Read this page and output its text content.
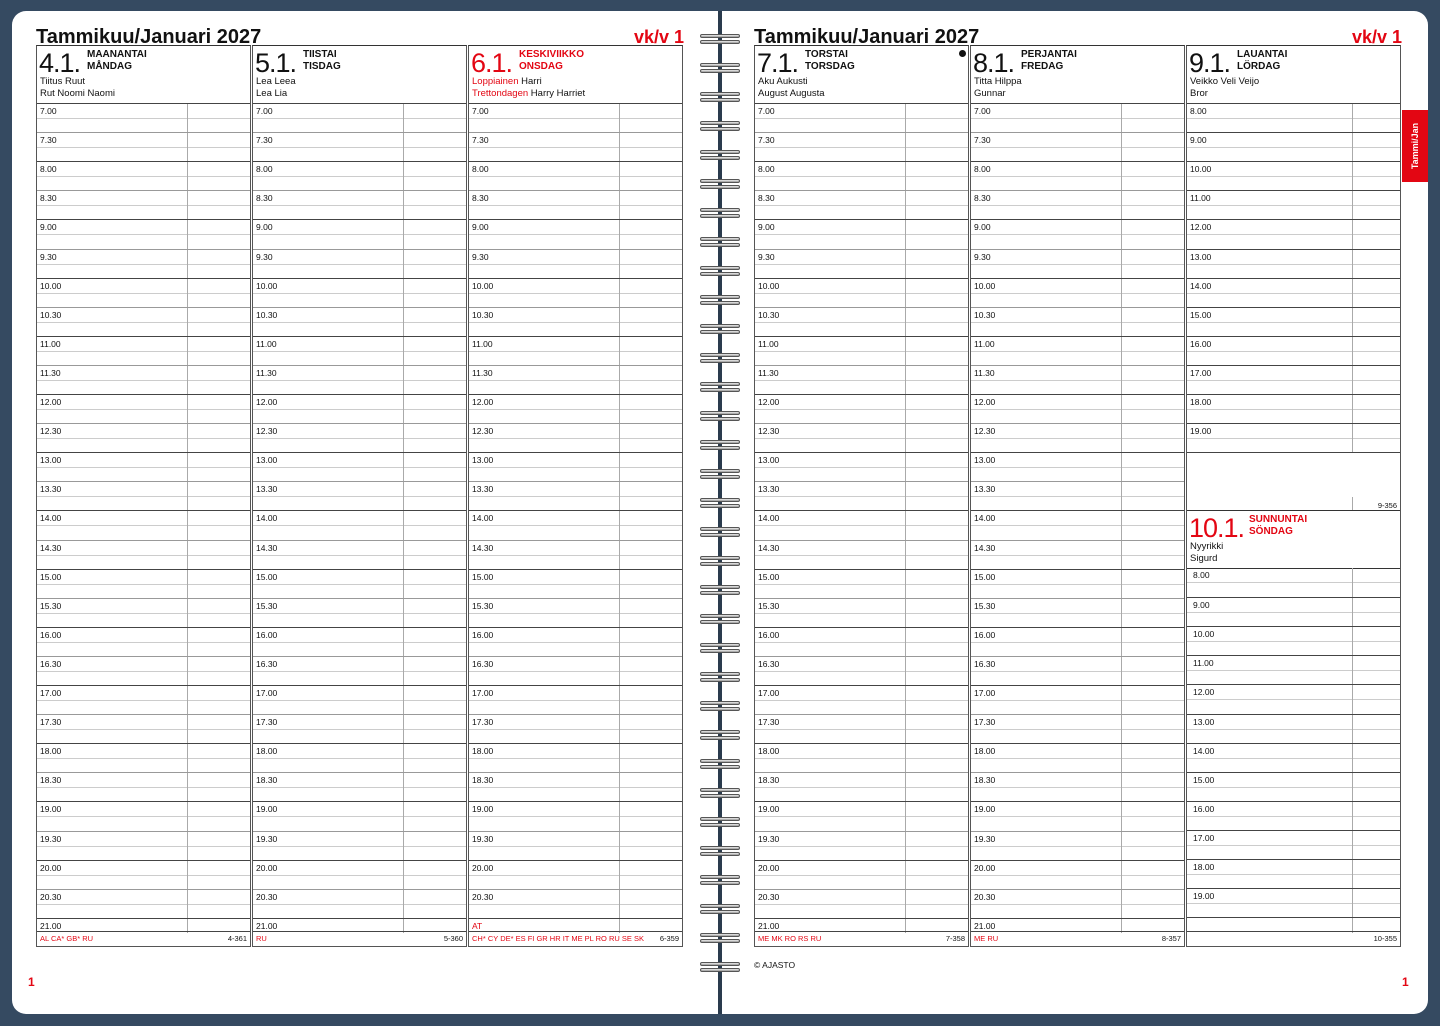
Tammikuu/Januari 2027	vk/v 1
1
Tammikuu/Januari 2027	vk/v 1
1
Tammi/Jan
4.1. MAANANTAI
MÅNDAG
Tiitus Ruut
Rut Noomi Naomi
7.00
7.30
8.00
8.30
9.00
9.30
10.00
10.30
11.00
11.30
12.00
12.30
13.00
13.30
14.00
14.30
15.00
15.30
16.00
16.30
17.00
17.30
18.00
18.30
19.00
19.30
20.00
20.30
21.00
AL CA* GB* RU	4-361
5.1. TIISTAI
TISDAG
Lea Leea
Lea Lia
7.00
7.30
8.00
8.30
9.00
9.30
10.00
10.30
11.00
11.30
12.00
12.30
13.00
13.30
14.00
14.30
15.00
15.30
16.00
16.30
17.00
17.30
18.00
18.30
19.00
19.30
20.00
20.30
21.00
RU	5-360
6.1. KESKIVIIKKO
ONSDAG
Loppiainen Harri
Trettondagen Harry Harriet
7.00
7.30
8.00
8.30
9.00
9.30
10.00
10.30
11.00
11.30
12.00
12.30
13.00
13.30
14.00
14.30
15.00
15.30
16.00
16.30
17.00
17.30
18.00
18.30
19.00
19.30
20.00
20.30
AT
CH* CY DE* ES FI GR HR IT ME PL RO RU SE SK 6-359
7.1. TORSTAI
TORSDAG
Aku Aukusti
August Augusta
7.00
7.30
8.00
8.30
9.00
9.30
10.00
10.30
11.00
11.30
12.00
12.30
13.00
13.30
14.00
14.30
15.00
15.30
16.00
16.30
17.00
17.30
18.00
18.30
19.00
19.30
20.00
20.30
21.00
ME MK RO RS RU	7-358
8.1. PERJANTAI
FREDAG
Titta Hilppa
Gunnar
7.00
7.30
8.00
8.30
9.00
9.30
10.00
10.30
11.00
11.30
12.00
12.30
13.00
13.30
14.00
14.30
15.00
15.30
16.00
16.30
17.00
17.30
18.00
18.30
19.00
19.30
20.00
20.30
21.00
ME RU	8-357
9.1. LAUANTAI
LÖRDAG
Veikko Veli Veijo
Bror
8.00
9.00
10.00
11.00
12.00
13.00
14.00
15.00
16.00
17.00
18.00
19.00
9-356
10.1. SUNNUNTAI
SÖNDAG
Nyyrikki
Sigurd
8.00
9.00
10.00
11.00
12.00
13.00
14.00
15.00
16.00
17.00
18.00
19.00
10-355
© AJASTO
